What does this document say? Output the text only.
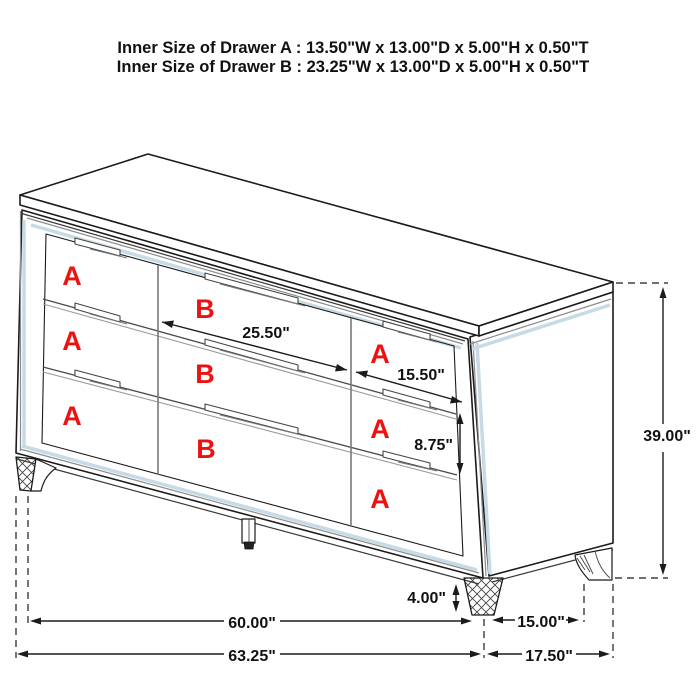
Inner Size of Drawer A : 13.50"W x 13.00"D x 5.00"H x 0.50"T
Inner Size of Drawer B : 23.25"W x 13.00"D x 5.00"H x 0.50"T
25.50"
15.50"
8.75"
39.00"
4.00"
60.00"	15.00"
63.25"	17.50"
A
A
A
B
B
B
A
A
A
